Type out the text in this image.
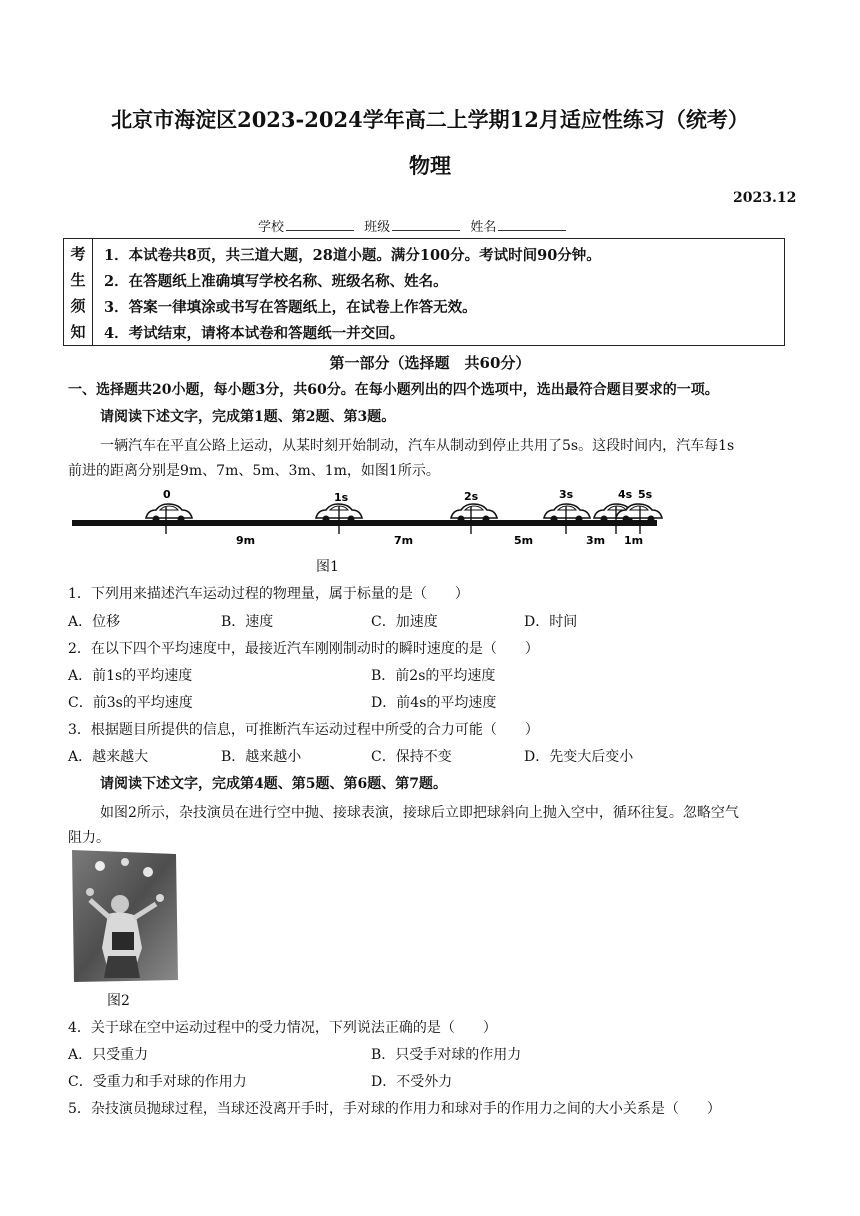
北京市海淀区2023-2024学年高二上学期12月适应性练习（统考）
物理
2023.12
学校	班级	姓名
考
生
须
知
1．本试卷共8页，共三道大题，28道小题。满分100分。考试时间90分钟。
2．在答题纸上准确填写学校名称、班级名称、姓名。
3．答案一律填涂或书写在答题纸上，在试卷上作答无效。
4．考试结束，请将本试卷和答题纸一并交回。
第一部分（选择题　共60分）
一、选择题共20小题，每小题3分，共60分。在每小题列出的四个选项中，选出最符合题目要求的一项。
请阅读下述文字，完成第1题、第2题、第3题。
一辆汽车在平直公路上运动，从某时刻开始制动，汽车从制动到停止共用了5s。这段时间内，汽车每1s
前进的距离分别是9m、7m、5m、3m、1m，如图1所示。
0	1s	2s	3s	4s 5s
9m	7m	5m	3m 1m
图1
1．下列用来描述汽车运动过程的物理量，属于标量的是（　　）
A．位移	B．速度	C．加速度	D．时间
2．在以下四个平均速度中，最接近汽车刚刚制动时的瞬时速度的是（　　）
A．前1s的平均速度	B．前2s的平均速度
C．前3s的平均速度	D．前4s的平均速度
3．根据题目所提供的信息，可推断汽车运动过程中所受的合力可能（　　）
A．越来越大	B．越来越小	C．保持不变	D．先变大后变小
请阅读下述文字，完成第4题、第5题、第6题、第7题。
如图2所示，杂技演员在进行空中抛、接球表演，接球后立即把球斜向上抛入空中，循环往复。忽略空气
阻力。
图2
4．关于球在空中运动过程中的受力情况，下列说法正确的是（　　）
A．只受重力	B．只受手对球的作用力
C．受重力和手对球的作用力	D．不受外力
5．杂技演员抛球过程，当球还没离开手时，手对球的作用力和球对手的作用力之间的大小关系是（　　）
